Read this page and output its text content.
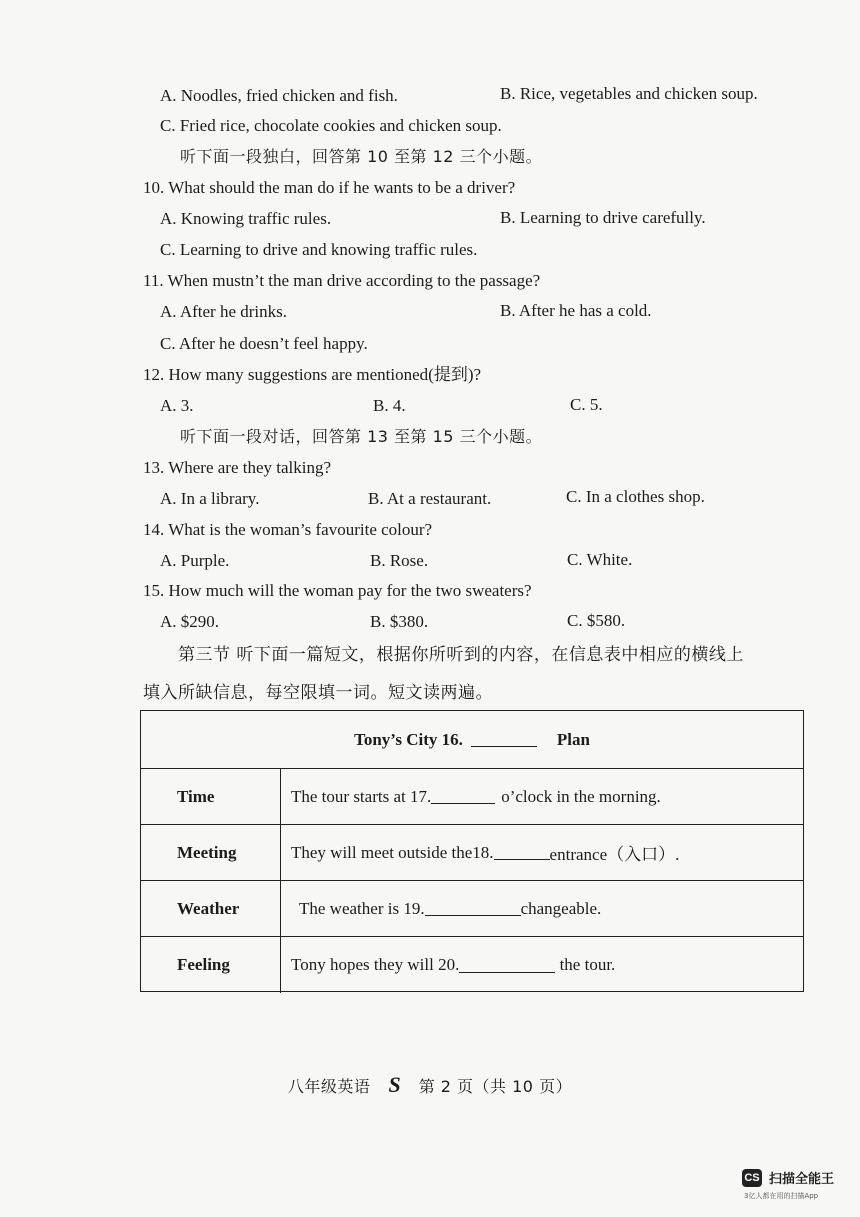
A. Noodles, fried chicken and fish.	B. Rice, vegetables and chicken soup.
C. Fried rice, chocolate cookies and chicken soup.
听下面一段独白，回答第 10 至第 12 三个小题。
10. What should the man do if he wants to be a driver?
A. Knowing traffic rules.	B. Learning to drive carefully.
C. Learning to drive and knowing traffic rules.
11. When mustn’t the man drive according to the passage?
A. After he drinks.	B. After he has a cold.
C. After he doesn’t feel happy.
12. How many suggestions are mentioned(提到)?
A. 3.	B. 4.	C. 5.
听下面一段对话，回答第 13 至第 15 三个小题。
13. Where are they talking?
A. In a library.	B. At a restaurant.	C. In a clothes shop.
14. What is the woman’s favourite colour?
A. Purple.	B. Rose.	C. White.
15. How much will the woman pay for the two sweaters?
A. $290.	B. $380.	C. $580.
第三节 听下面一篇短文，根据你所听到的内容，在信息表中相应的横线上
填入所缺信息，每空限填一词。短文读两遍。
Tony’s City 16.	Plan
Time	The tour starts at 17.	o’clock in the morning.
Meeting	They will meet outside the18.	entrance（入口）.
Weather	The weather is 19.	changeable.
Feeling	Tony hopes they will 20.	the tour.
八年级英语 S 第 2 页（共 10 页）
CS 扫描全能王
3亿人都在用的扫描App
